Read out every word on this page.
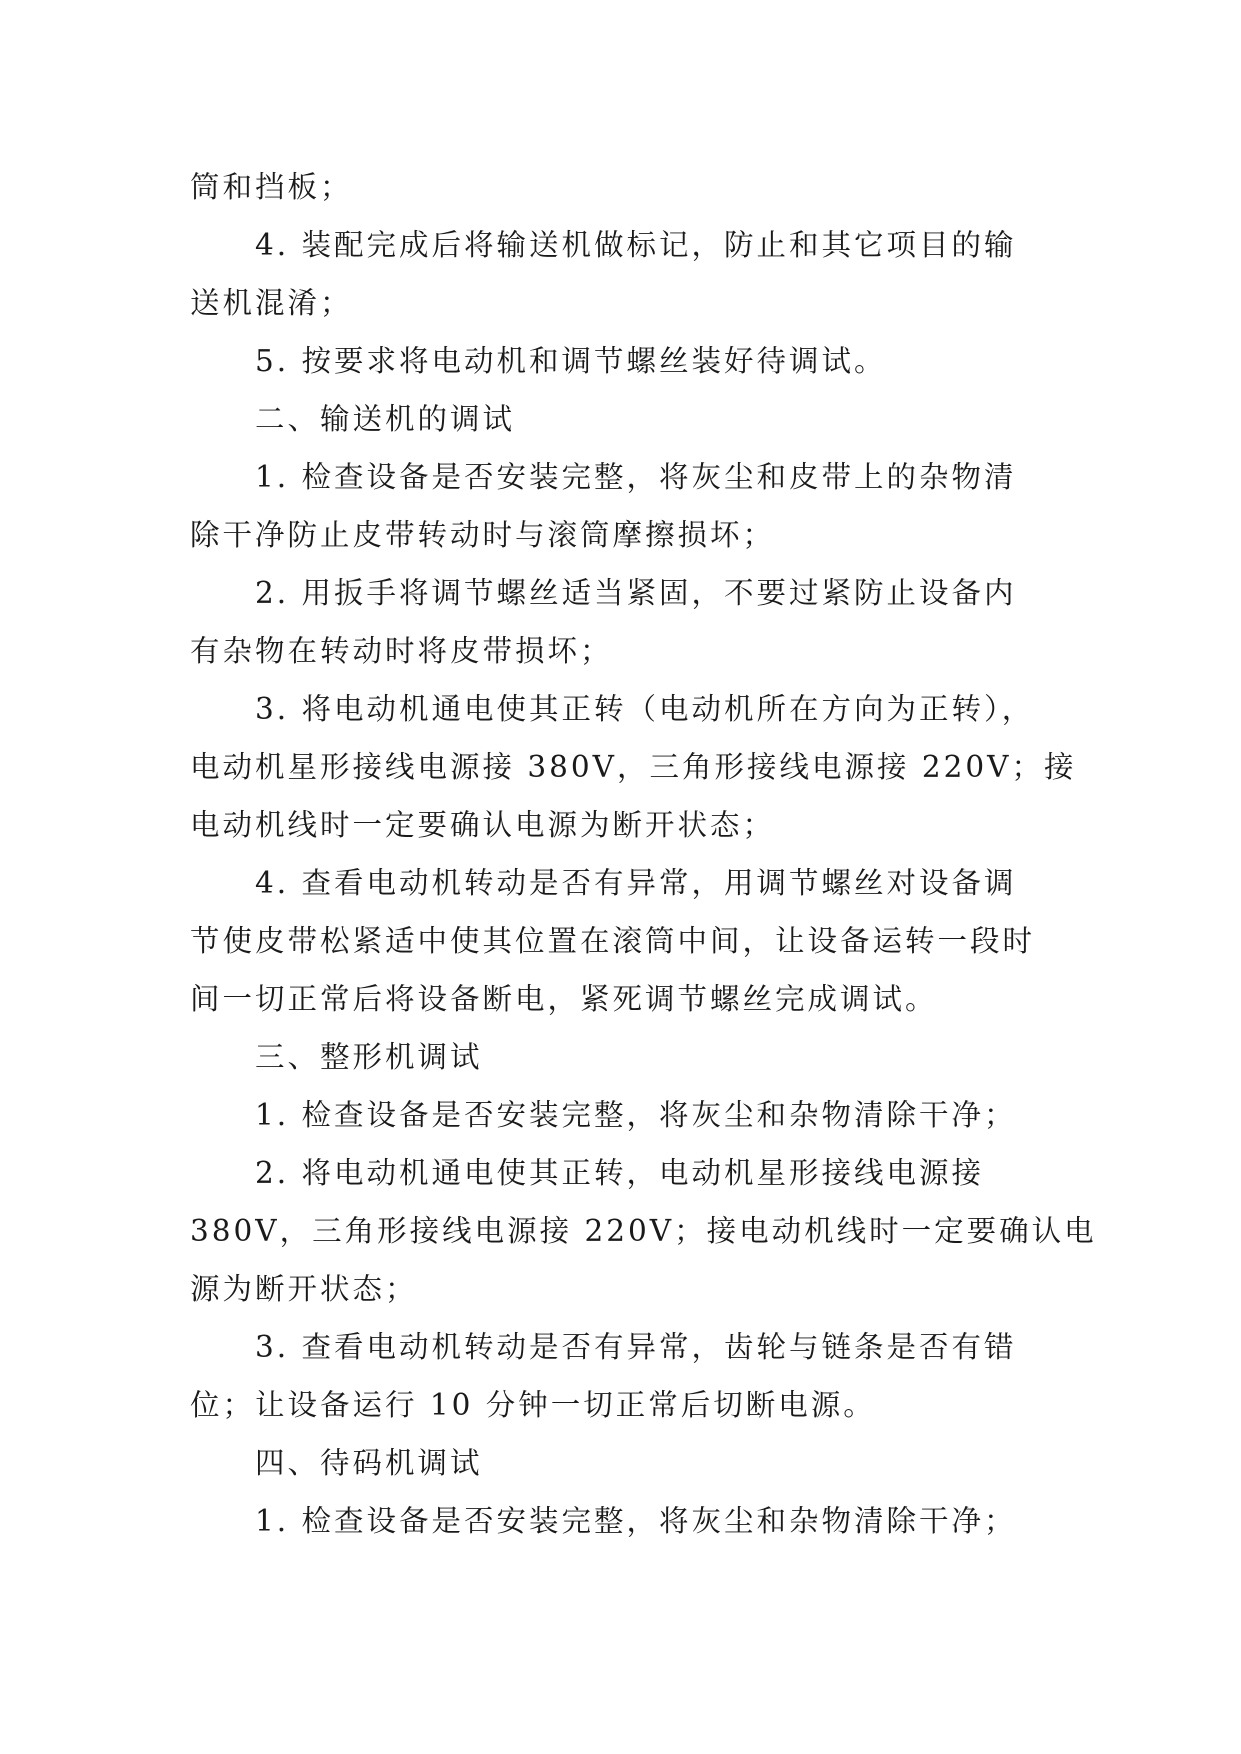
筒和挡板；
4. 装配完成后将输送机做标记，防止和其它项目的输
送机混淆；
5. 按要求将电动机和调节螺丝装好待调试。
二、输送机的调试
1. 检查设备是否安装完整，将灰尘和皮带上的杂物清
除干净防止皮带转动时与滚筒摩擦损坏；
2. 用扳手将调节螺丝适当紧固，不要过紧防止设备内
有杂物在转动时将皮带损坏；
3. 将电动机通电使其正转（电动机所在方向为正转），
电动机星形接线电源接 380V，三角形接线电源接 220V；接
电动机线时一定要确认电源为断开状态；
4. 查看电动机转动是否有异常，用调节螺丝对设备调
节使皮带松紧适中使其位置在滚筒中间，让设备运转一段时
间一切正常后将设备断电，紧死调节螺丝完成调试。
三、整形机调试
1. 检查设备是否安装完整，将灰尘和杂物清除干净；
2. 将电动机通电使其正转，电动机星形接线电源接
380V，三角形接线电源接 220V；接电动机线时一定要确认电
源为断开状态；
3. 查看电动机转动是否有异常，齿轮与链条是否有错
位；让设备运行 10 分钟一切正常后切断电源。
四、待码机调试
1. 检查设备是否安装完整，将灰尘和杂物清除干净；
